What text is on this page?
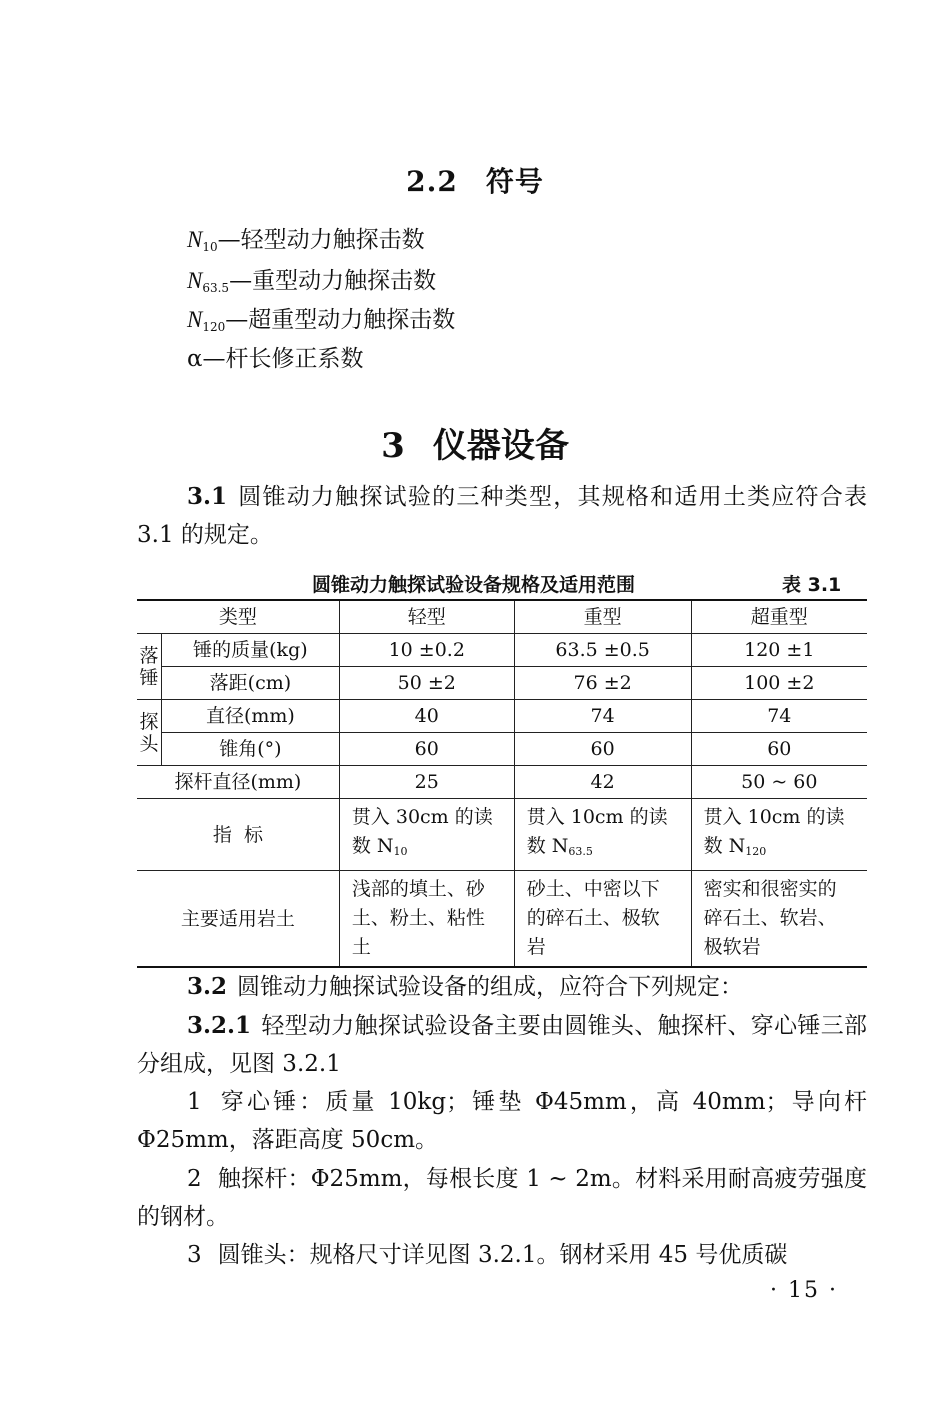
2.2 符号
$N_{10}—$轻型动力触探击数
$N_{63.5}—$重型动力触探击数
$N_{120}—$超重型动力触探击数
α—杆长修正系数
3 仪器设备
3.1 圆锥动力触探试验的三种类型，其规格和适用土类应符合表 3.1 的规定。
圆锥动力触探试验设备规格及适用范围	表 3.1
类型		轻型	重型	超重型
落锤	锤的质量(kg)	10 ±0.2	63.5 ±0.5	120 ±1
	落距(cm)	50 ±2	76 ±2	100 ±2
探头	直径(mm)	40	74	74
	锥角(°)	60	60	60
探杆直径(mm)		25	42	50 ~ 60
指  标		贯入 30cm 的读数 $N_{10}$	贯入 10cm 的读数 $N_{63.5}$	贯入 10cm 的读数 $N_{120}$
主要适用岩土		浅部的填土、砂土、粉土、粘性土	砂土、中密以下的碎石土、极软岩	密实和很密实的碎石土、软岩、极软岩
3.2 圆锥动力触探试验设备的组成，应符合下列规定：
3.2.1 轻型动力触探试验设备主要由圆锥头、触探杆、穿心锤三部分组成，见图 3.2.1
1 穿心锤：质量 10kg；锤垫 Φ45mm，高 40mm；导向杆 Φ25mm，落距高度 50cm。
2 触探杆：Φ25mm，每根长度 1 ~ 2m。材料采用耐高疲劳强度的钢材。
3 圆锥头：规格尺寸详见图 3.2.1。钢材采用 45 号优质碳
· 15 ·
